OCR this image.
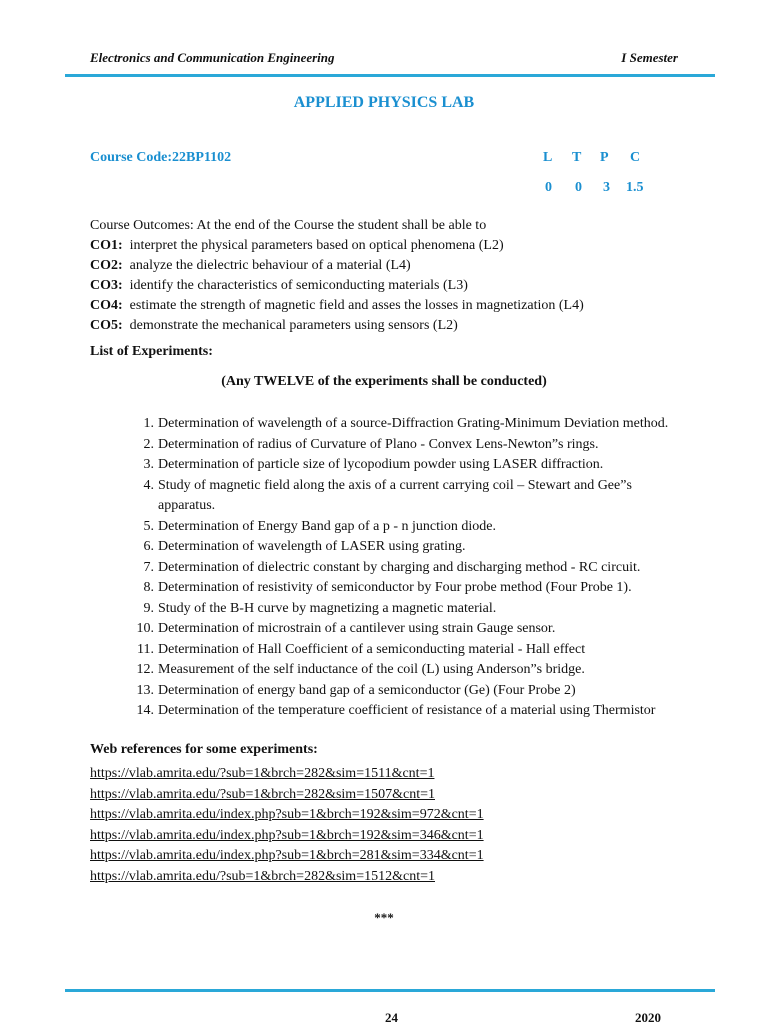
Electronics and Communication Engineering	I Semester
APPLIED PHYSICS LAB
Course Code:22BP1102	L T P C
0 0 3 1.5
Course Outcomes: At the end of the Course the student shall be able to
CO1: interpret the physical parameters based on optical phenomena (L2)
CO2: analyze the dielectric behaviour of a material (L4)
CO3: identify the characteristics of semiconducting materials (L3)
CO4: estimate the strength of magnetic field and asses the losses in magnetization (L4)
CO5: demonstrate the mechanical parameters using sensors (L2)
List of Experiments:
(Any TWELVE of the experiments shall be conducted)
1. Determination of wavelength of a source-Diffraction Grating-Minimum Deviation method.
2. Determination of radius of Curvature of Plano - Convex Lens-Newton”s rings.
3. Determination of particle size of lycopodium powder using LASER diffraction.
4. Study of magnetic field along the axis of a current carrying coil – Stewart and Gee”s apparatus.
5. Determination of Energy Band gap of a p - n junction diode.
6. Determination of wavelength of LASER using grating.
7. Determination of dielectric constant by charging and discharging method - RC circuit.
8. Determination of resistivity of semiconductor by Four probe method (Four Probe 1).
9. Study of the B-H curve by magnetizing a magnetic material.
10. Determination of microstrain of a cantilever using strain Gauge sensor.
11. Determination of Hall Coefficient of a semiconducting material - Hall effect
12. Measurement of the self inductance of the coil (L) using Anderson”s bridge.
13. Determination of energy band gap of a semiconductor (Ge) (Four Probe 2)
14. Determination of the temperature coefficient of resistance of a material using Thermistor
Web references for some experiments:
https://vlab.amrita.edu/?sub=1&brch=282&sim=1511&cnt=1
https://vlab.amrita.edu/?sub=1&brch=282&sim=1507&cnt=1
https://vlab.amrita.edu/index.php?sub=1&brch=192&sim=972&cnt=1
https://vlab.amrita.edu/index.php?sub=1&brch=192&sim=346&cnt=1
https://vlab.amrita.edu/index.php?sub=1&brch=281&sim=334&cnt=1
https://vlab.amrita.edu/?sub=1&brch=282&sim=1512&cnt=1
***
24	2020
